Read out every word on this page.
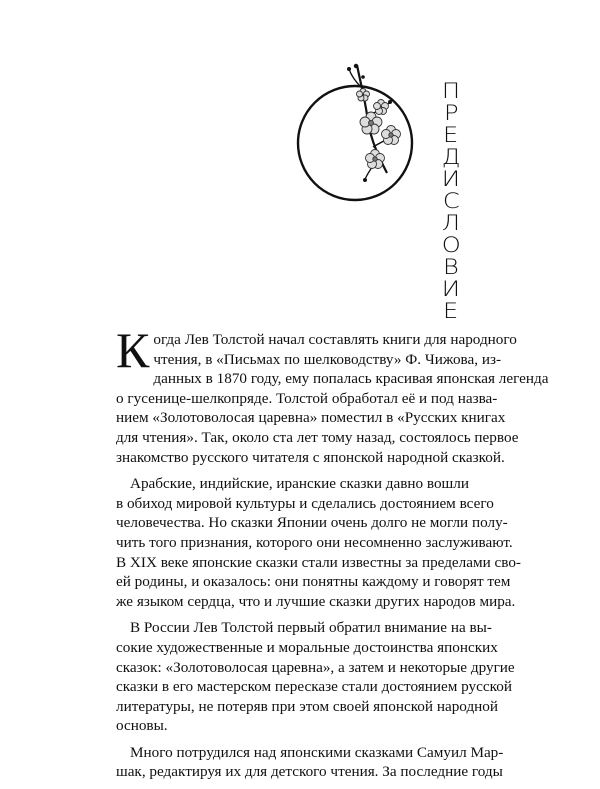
П
Р
Е
Д
И
С
Л
О
В
И
Е
К огда Лев Толстой начал составлять книги для народного
чтения, в «Письмах по шелководству» Ф. Чижова, из-
данных в 1870 году, ему попалась красивая японская легенда
о гусенице-шелкопряде. Толстой обработал её и под назва-
нием «Золотоволосая царевна» поместил в «Русских книгах
для чтения». Так, около ста лет тому назад, состоялось первое
знакомство русского читателя с японской народной сказкой.
Арабские, индийские, иранские сказки давно вошли
в обиход мировой культуры и сделались достоянием всего
человечества. Но сказки Японии очень долго не могли полу-
чить того признания, которого они несомненно заслуживают.
В XIX веке японские сказки стали известны за пределами сво-
ей родины, и оказалось: они понятны каждому и говорят тем
же языком сердца, что и лучшие сказки других народов мира.
В России Лев Толстой первый обратил внимание на вы-
сокие художественные и моральные достоинства японских
сказок: «Золотоволосая царевна», а затем и некоторые другие
сказки в его мастерском пересказе стали достоянием русской
литературы, не потеряв при этом своей японской народной
основы.
Много потрудился над японскими сказками Самуил Мар-
шак, редактируя их для детского чтения. За последние годы
